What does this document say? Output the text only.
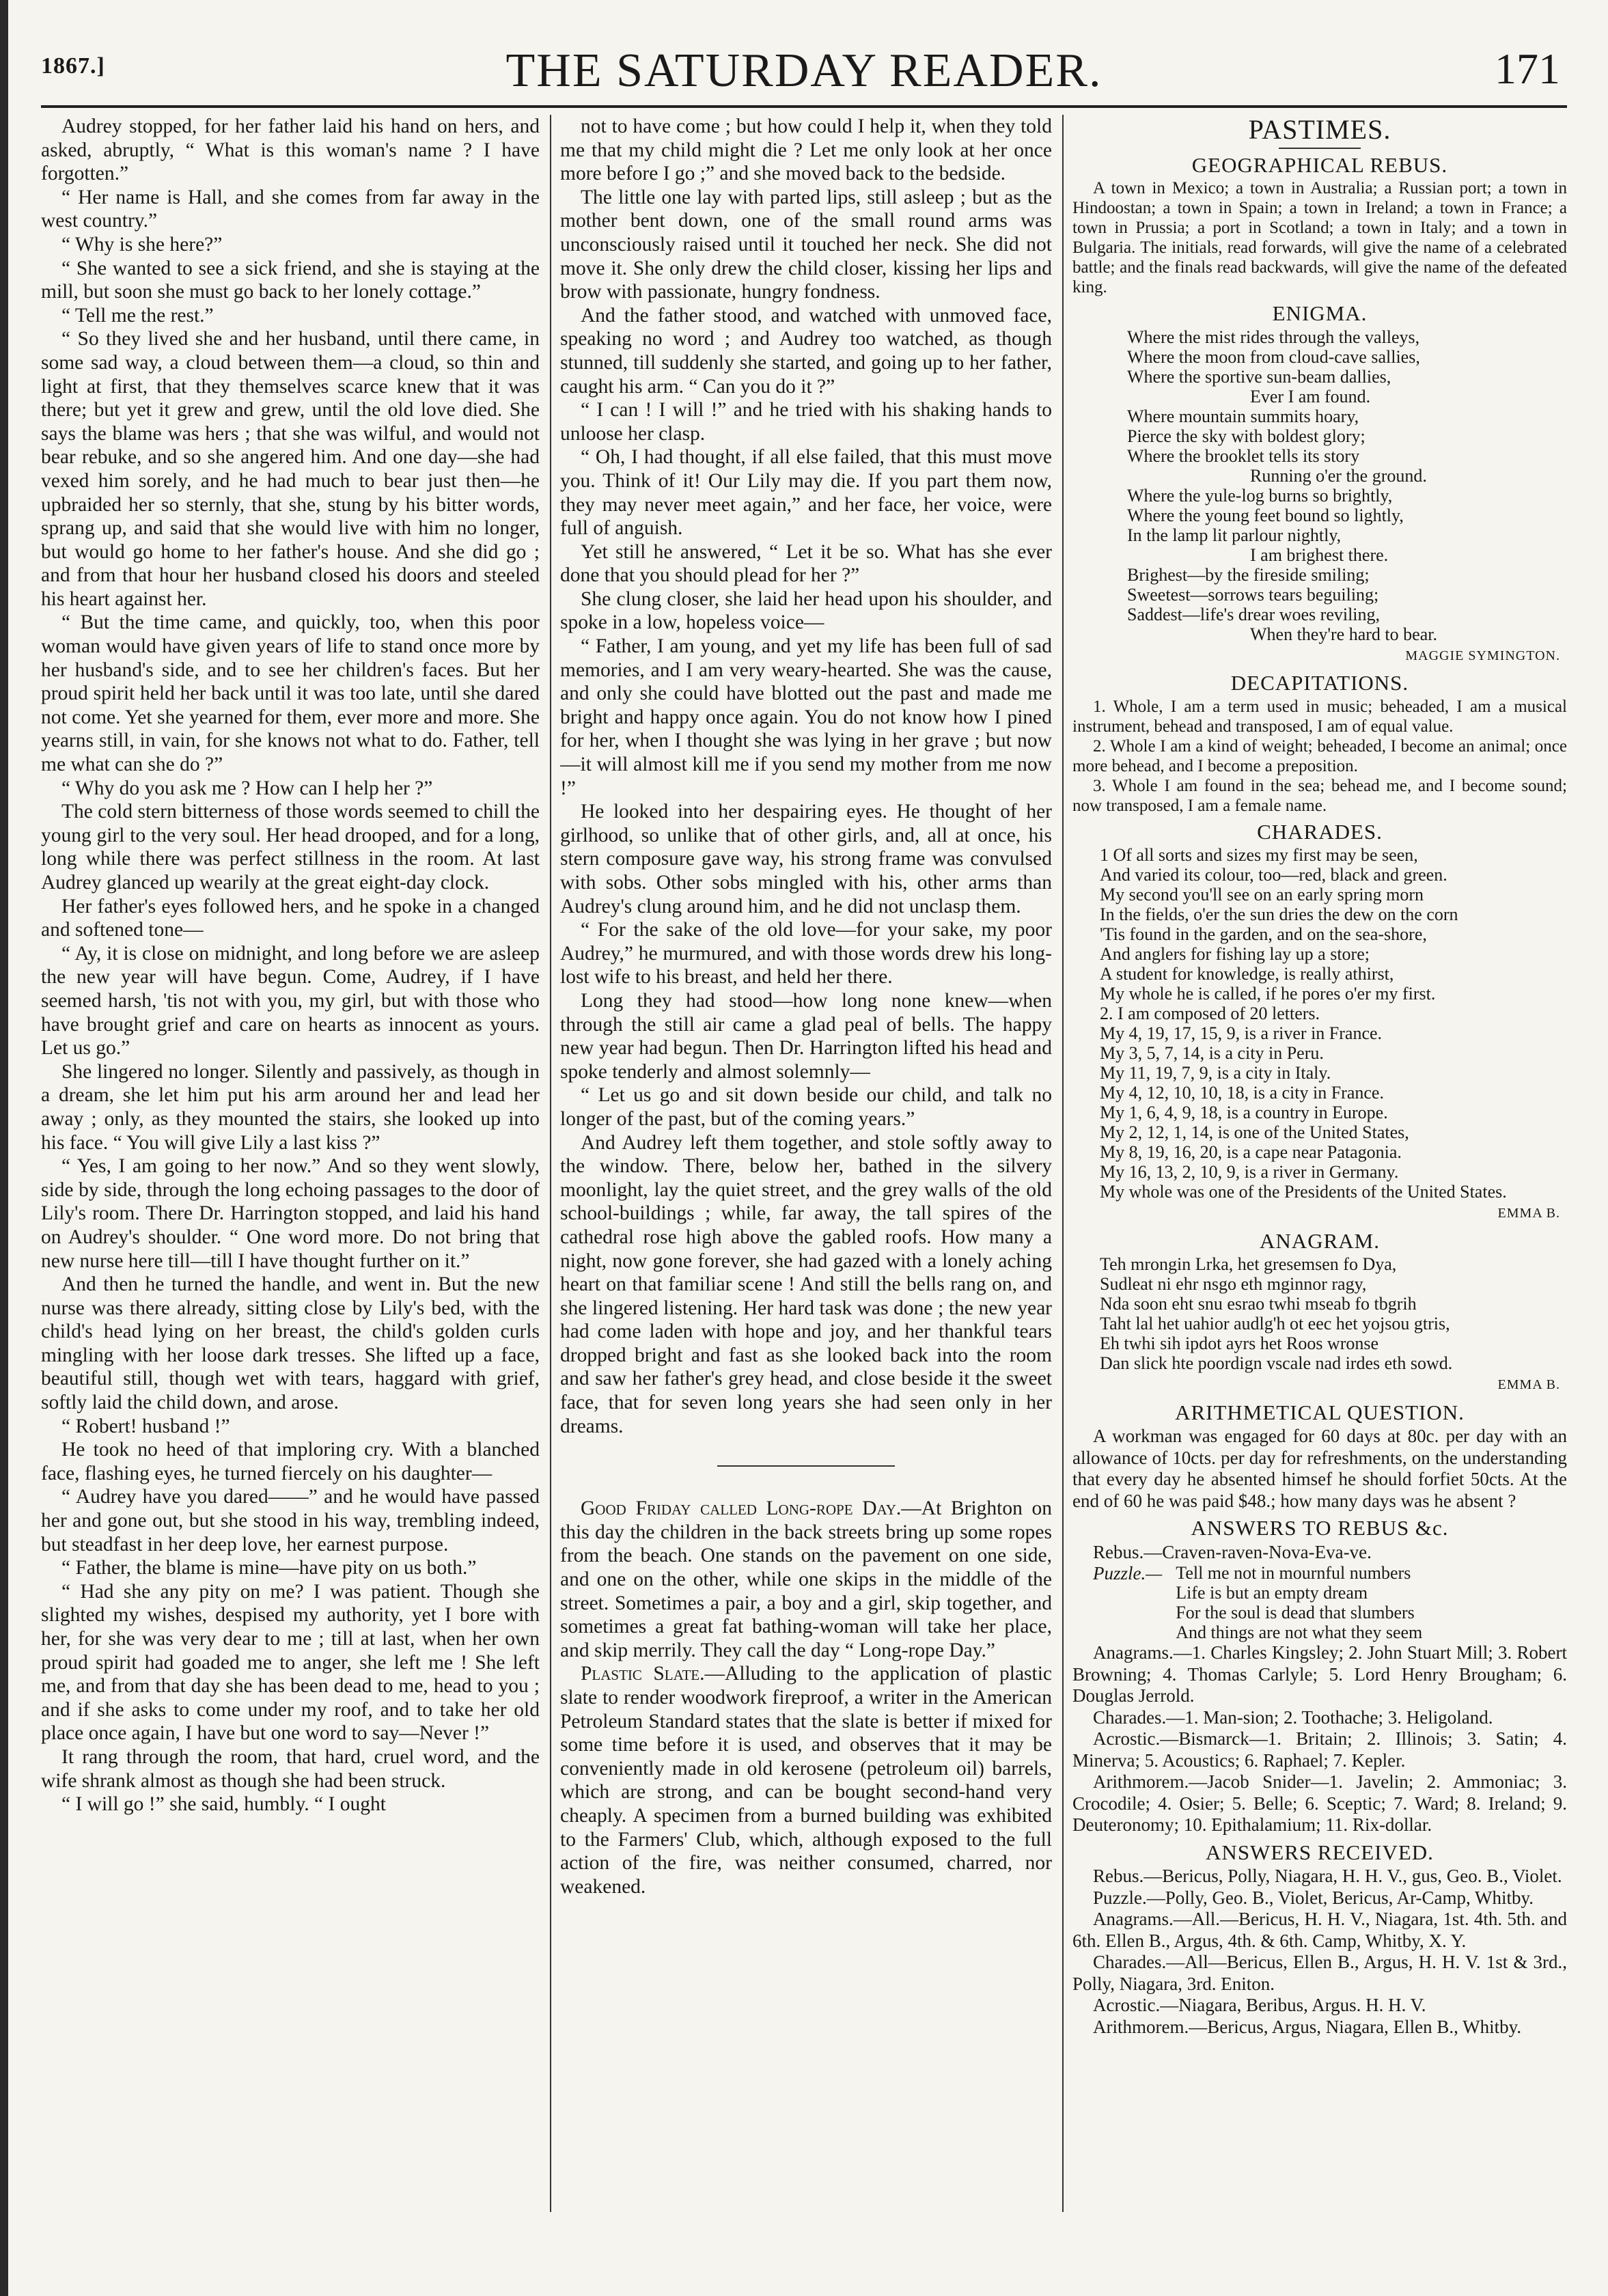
1867.]	THE SATURDAY READER.	171

Audrey stopped, for her father laid his hand on hers, and asked, abruptly, “ What is this woman's name ? I have forgotten.”

“ Her name is Hall, and she comes from far away in the west country.”

“ Why is she here?”

“ She wanted to see a sick friend, and she is staying at the mill, but soon she must go back to her lonely cottage.”

“ Tell me the rest.”

“ So they lived she and her husband, until there came, in some sad way, a cloud between them—a cloud, so thin and light at first, that they themselves scarce knew that it was there; but yet it grew and grew, until the old love died. She says the blame was hers ; that she was wilful, and would not bear rebuke, and so she angered him. And one day—she had vexed him sorely, and he had much to bear just then—he upbraided her so sternly, that she, stung by his bitter words, sprang up, and said that she would live with him no longer, but would go home to her father's house. And she did go ; and from that hour her husband closed his doors and steeled his heart against her.

“ But the time came, and quickly, too, when this poor woman would have given years of life to stand once more by her husband's side, and to see her children's faces. But her proud spirit held her back until it was too late, until she dared not come. Yet she yearned for them, ever more and more. She yearns still, in vain, for she knows not what to do. Father, tell me what can she do ?”

“ Why do you ask me ? How can I help her ?”

The cold stern bitterness of those words seemed to chill the young girl to the very soul. Her head drooped, and for a long, long while there was perfect stillness in the room. At last Audrey glanced up wearily at the great eight-day clock.

Her father's eyes followed hers, and he spoke in a changed and softened tone—

“ Ay, it is close on midnight, and long before we are asleep the new year will have begun. Come, Audrey, if I have seemed harsh, 'tis not with you, my girl, but with those who have brought grief and care on hearts as innocent as yours. Let us go.”

She lingered no longer. Silently and passively, as though in a dream, she let him put his arm around her and lead her away ; only, as they mounted the stairs, she looked up into his face. “ You will give Lily a last kiss ?”

“ Yes, I am going to her now.” And so they went slowly, side by side, through the long echoing passages to the door of Lily's room. There Dr. Harrington stopped, and laid his hand on Audrey's shoulder. “ One word more. Do not bring that new nurse here till—till I have thought further on it.”

And then he turned the handle, and went in. But the new nurse was there already, sitting close by Lily's bed, with the child's head lying on her breast, the child's golden curls mingling with her loose dark tresses. She lifted up a face, beautiful still, though wet with tears, haggard with grief, softly laid the child down, and arose.

“ Robert! husband !”

He took no heed of that imploring cry. With a blanched face, flashing eyes, he turned fiercely on his daughter—

“ Audrey have you dared——” and he would have passed her and gone out, but she stood in his way, trembling indeed, but steadfast in her deep love, her earnest purpose.

“ Father, the blame is mine—have pity on us both.”

“ Had she any pity on me? I was patient. Though she slighted my wishes, despised my authority, yet I bore with her, for she was very dear to me ; till at last, when her own proud spirit had goaded me to anger, she left me ! She left me, and from that day she has been dead to me, head to you ; and if she asks to come under my roof, and to take her old place once again, I have but one word to say—Never !”

It rang through the room, that hard, cruel word, and the wife shrank almost as though she had been struck.

“ I will go !” she said, humbly. “ I ought

not to have come ; but how could I help it, when they told me that my child might die ? Let me only look at her once more before I go ;” and she moved back to the bedside.

The little one lay with parted lips, still asleep ; but as the mother bent down, one of the small round arms was unconsciously raised until it touched her neck. She did not move it. She only drew the child closer, kissing her lips and brow with passionate, hungry fondness.

And the father stood, and watched with unmoved face, speaking no word ; and Audrey too watched, as though stunned, till suddenly she started, and going up to her father, caught his arm. “ Can you do it ?”

“ I can ! I will !” and he tried with his shaking hands to unloose her clasp.

“ Oh, I had thought, if all else failed, that this must move you. Think of it! Our Lily may die. If you part them now, they may never meet again,” and her face, her voice, were full of anguish.

Yet still he answered, “ Let it be so. What has she ever done that you should plead for her ?”

She clung closer, she laid her head upon his shoulder, and spoke in a low, hopeless voice—

“ Father, I am young, and yet my life has been full of sad memories, and I am very weary-hearted. She was the cause, and only she could have blotted out the past and made me bright and happy once again. You do not know how I pined for her, when I thought she was lying in her grave ; but now—it will almost kill me if you send my mother from me now !”

He looked into her despairing eyes. He thought of her girlhood, so unlike that of other girls, and, all at once, his stern composure gave way, his strong frame was convulsed with sobs. Other sobs mingled with his, other arms than Audrey's clung around him, and he did not unclasp them.

“ For the sake of the old love—for your sake, my poor Audrey,” he murmured, and with those words drew his long-lost wife to his breast, and held her there.

Long they had stood—how long none knew—when through the still air came a glad peal of bells. The happy new year had begun. Then Dr. Harrington lifted his head and spoke tenderly and almost solemnly—

“ Let us go and sit down beside our child, and talk no longer of the past, but of the coming years.”

And Audrey left them together, and stole softly away to the window. There, below her, bathed in the silvery moonlight, lay the quiet street, and the grey walls of the old school-buildings ; while, far away, the tall spires of the cathedral rose high above the gabled roofs. How many a night, now gone forever, she had gazed with a lonely aching heart on that familiar scene ! And still the bells rang on, and she lingered listening. Her hard task was done ; the new year had come laden with hope and joy, and her thankful tears dropped bright and fast as she looked back into the room and saw her father's grey head, and close beside it the sweet face, that for seven long years she had seen only in her dreams.

Good Friday called Long-rope Day.—At Brighton on this day the children in the back streets bring up some ropes from the beach. One stands on the pavement on one side, and one on the other, while one skips in the middle of the street. Sometimes a pair, a boy and a girl, skip together, and sometimes a great fat bathing-woman will take her place, and skip merrily. They call the day “ Long-rope Day.”

Plastic Slate.—Alluding to the application of plastic slate to render woodwork fireproof, a writer in the American Petroleum Standard states that the slate is better if mixed for some time before it is used, and observes that it may be conveniently made in old kerosene (petroleum oil) barrels, which are strong, and can be bought second-hand very cheaply. A specimen from a burned building was exhibited to the Farmers' Club, which, although exposed to the full action of the fire, was neither consumed, charred, nor weakened.

PASTIMES.
GEOGRAPHICAL REBUS.

A town in Mexico; a town in Australia; a Russian port; a town in Hindoostan; a town in Spain; a town in Ireland; a town in France; a town in Prussia; a port in Scotland; a town in Italy; and a town in Bulgaria. The initials, read forwards, will give the name of a celebrated battle; and the finals read backwards, will give the name of the defeated king.

ENIGMA.
Where the mist rides through the valleys,
Where the moon from cloud-cave sallies,
Where the sportive sun-beam dallies,
Ever I am found.
Where mountain summits hoary,
Pierce the sky with boldest glory;
Where the brooklet tells its story
Running o'er the ground.
Where the yule-log burns so brightly,
Where the young feet bound so lightly,
In the lamp lit parlour nightly,
I am brighest there.
Brighest—by the fireside smiling;
Sweetest—sorrows tears beguiling;
Saddest—life's drear woes reviling,
When they're hard to bear.
MAGGIE SYMINGTON.
DECAPITATIONS.

1. Whole, I am a term used in music; beheaded, I am a musical instrument, behead and transposed, I am of equal value.

2. Whole I am a kind of weight; beheaded, I become an animal; once more behead, and I become a preposition.

3. Whole I am found in the sea; behead me, and I become sound; now transposed, I am a female name.

CHARADES.
1 Of all sorts and sizes my first may be seen,
And varied its colour, too—red, black and green.
My second you'll see on an early spring morn
In the fields, o'er the sun dries the dew on the corn
'Tis found in the garden, and on the sea-shore,
And anglers for fishing lay up a store;
A student for knowledge, is really athirst,
My whole he is called, if he pores o'er my first.
2. I am composed of 20 letters.
My 4, 19, 17, 15, 9, is a river in France.
My 3, 5, 7, 14, is a city in Peru.
My 11, 19, 7, 9, is a city in Italy.
My 4, 12, 10, 10, 18, is a city in France.
My 1, 6, 4, 9, 18, is a country in Europe.
My 2, 12, 1, 14, is one of the United States,
My 8, 19, 16, 20, is a cape near Patagonia.
My 16, 13, 2, 10, 9, is a river in Germany.
My whole was one of the Presidents of the United States.
EMMA B.
ANAGRAM.
Teh mrongin Lrka, het gresemsen fo Dya,
Sudleat ni ehr nsgo eth mginnor ragy,
Nda soon eht snu esrao twhi mseab fo tbgrih
Taht lal het uahior audlg'h ot eec het yojsou gtris,
Eh twhi sih ipdot ayrs het Roos wronse
Dan slick hte poordign vscale nad irdes eth sowd.
EMMA B.
ARITHMETICAL QUESTION.

A workman was engaged for 60 days at 80c. per day with an allowance of 10cts. per day for refreshments, on the understanding that every day he absented himsef he should forfiet 50cts. At the end of 60 he was paid $48.; how many days was he absent ?

ANSWERS TO REBUS &c.

Rebus.—Craven-raven-Nova-Eva-ve.

Puzzle.— Tell me not in mournful numbers
Life is but an empty dream
For the soul is dead that slumbers
And things are not what they seem

Anagrams.—1. Charles Kingsley; 2. John Stuart Mill; 3. Robert Browning; 4. Thomas Carlyle; 5. Lord Henry Brougham; 6. Douglas Jerrold.

Charades.—1. Man-sion; 2. Toothache; 3. Heligoland.

Acrostic.—Bismarck—1. Britain; 2. Illinois; 3. Satin; 4. Minerva; 5. Acoustics; 6. Raphael; 7. Kepler.

Arithmorem.—Jacob Snider—1. Javelin; 2. Ammoniac; 3. Crocodile; 4. Osier; 5. Belle; 6. Sceptic; 7. Ward; 8. Ireland; 9. Deuteronomy; 10. Epithalamium; 11. Rix-dollar.

ANSWERS RECEIVED.

Rebus.—Bericus, Polly, Niagara, H. H. V., gus, Geo. B., Violet.

Puzzle.—Polly, Geo. B., Violet, Bericus, Ar-Camp, Whitby.

Anagrams.—All.—Bericus, H. H. V., Niagara, 1st. 4th. 5th. and 6th. Ellen B., Argus, 4th. & 6th. Camp, Whitby, X. Y.

Charades.—All—Bericus, Ellen B., Argus, H. H. V. 1st & 3rd., Polly, Niagara, 3rd. Eniton.

Acrostic.—Niagara, Beribus, Argus. H. H. V.

Arithmorem.—Bericus, Argus, Niagara, Ellen B., Whitby.
